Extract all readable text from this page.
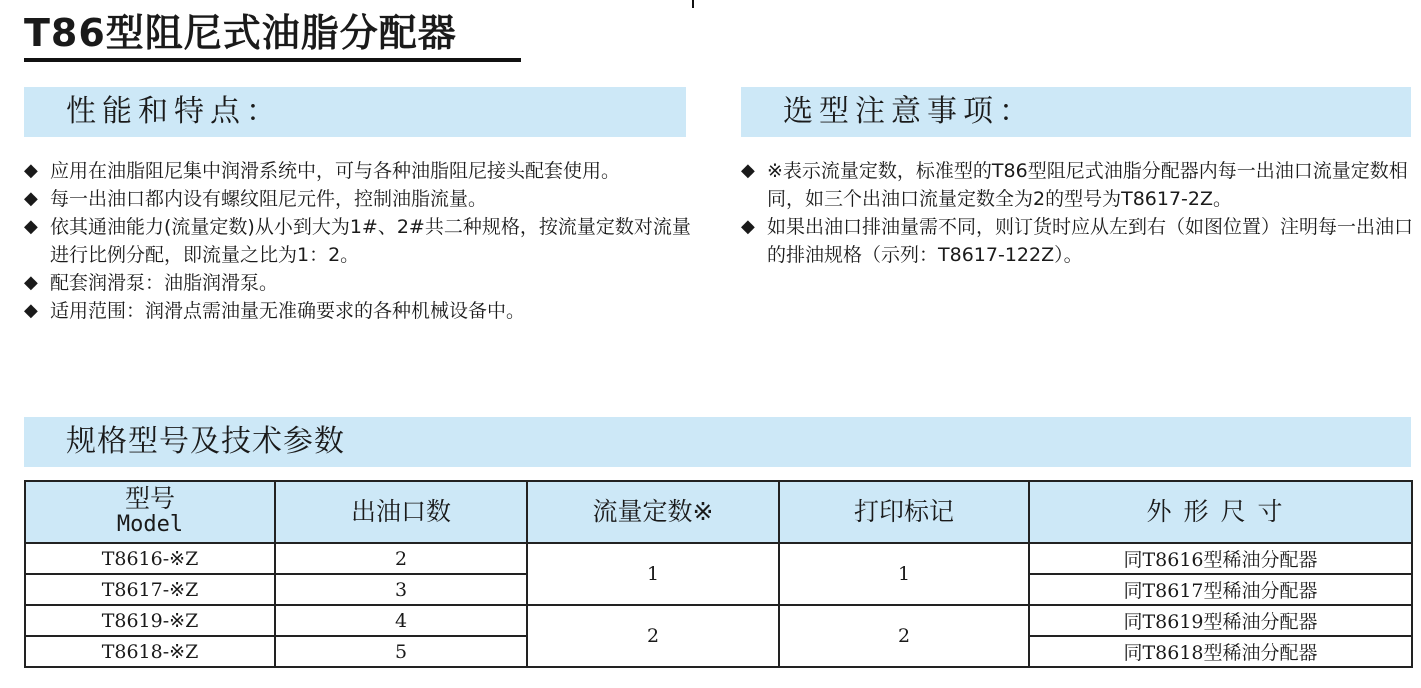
T86型阻尼式油脂分配器
性能和特点：	选型注意事项：
◆ 应用在油脂阻尼集中润滑系统中，可与各种油脂阻尼接头配套使用。
◆ 每一出油口都内设有螺纹阻尼元件，控制油脂流量。
◆ 依其通油能力(流量定数)从小到大为1#、2#共二种规格，按流量定数对流量进行比例分配，即流量之比为1：2。
◆ 配套润滑泵：油脂润滑泵。
◆ 适用范围：润滑点需油量无准确要求的各种机械设备中。
◆ ※表示流量定数，标准型的T86型阻尼式油脂分配器内每一出油口流量定数相同，如三个出油口流量定数全为2的型号为T8617-2Z。
◆ 如果出油口排油量需不同，则订货时应从左到右（如图位置）注明每一出油口的排油规格（示列：T8617-122Z）。
规格型号及技术参数
型号
Model	出油口数	流量定数※	打印标记	外形尺寸
T8616-※Z	2	1	1	同T8616型稀油分配器
T8617-※Z	3			同T8617型稀油分配器
T8619-※Z	4	2	2	同T8619型稀油分配器
T8618-※Z	5			同T8618型稀油分配器
